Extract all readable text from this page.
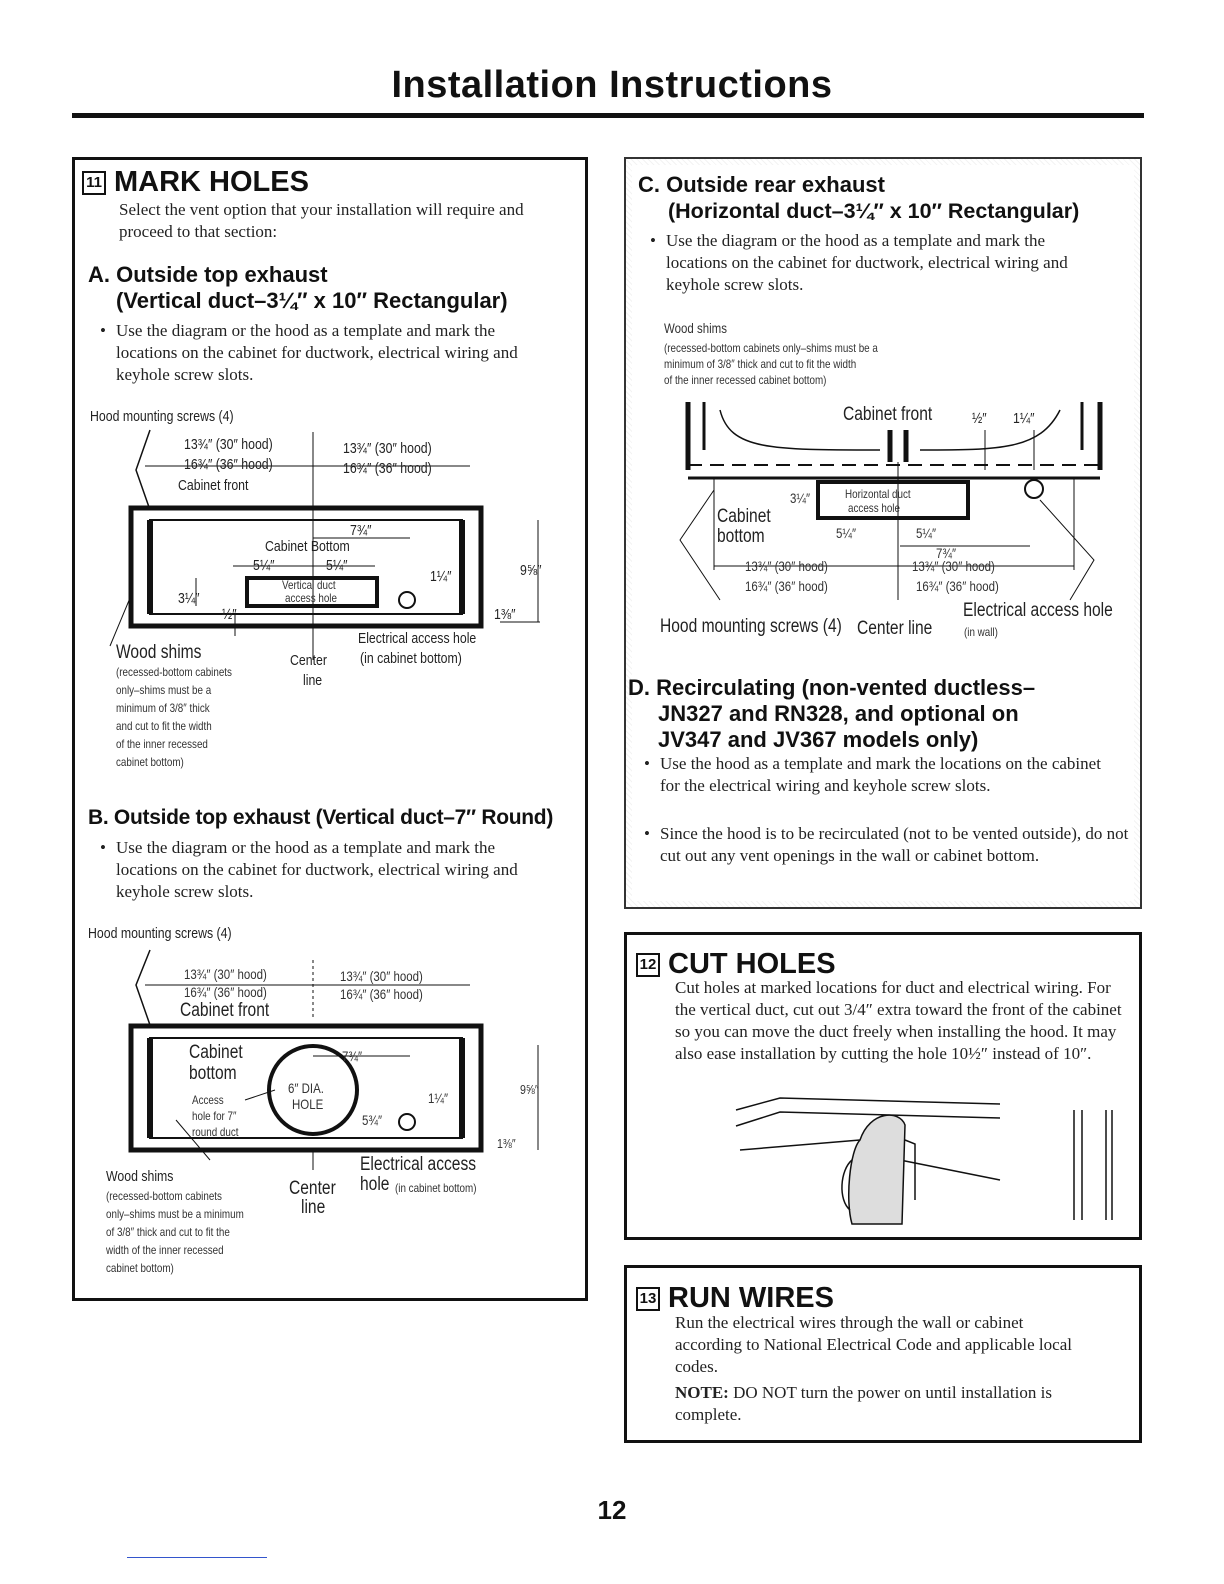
Installation Instructions
11 MARK HOLES
Select the vent option that your installation will require and proceed to that section:
A. Outside top exhaust
(Vertical duct–3¼″ x 10″ Rectangular)
• Use the diagram or the hood as a template and mark the locations on the cabinet for ductwork, electrical wiring and keyhole screw slots.
Hood mounting screws (4)
13¾″ (30″ hood)
16¾″ (36″ hood)
13¾″ (30″ hood)
16¾″ (36″ hood)
Cabinet front
7¾″
Cabinet Bottom
5¼″	5¼″
Vertical duct
access hole
3¼″
½″
1¼″	9⅝″
1⅜″
Wood shims
(recessed-bottom cabinets
only–shims must be a
minimum of 3/8″ thick
and cut to fit the width
of the inner recessed
cabinet bottom)
Center
line
Electrical access hole
(in cabinet bottom)
B. Outside top exhaust (Vertical duct–7″ Round)
• Use the diagram or the hood as a template and mark the locations on the cabinet for ductwork, electrical wiring and keyhole screw slots.
Hood mounting screws (4)
13¾″ (30″ hood)
16¾″ (36″ hood)
13¾″ (30″ hood)
16¾″ (36″ hood)
Cabinet front
Cabinet
bottom
7¾″
6″ DIA.
HOLE
Access
hole for 7″
round duct
1¼″
5¾″
9⅝″
1⅜″
Wood shims
(recessed-bottom cabinets
only–shims must be a minimum
of 3/8″ thick and cut to fit the
width of the inner recessed
cabinet bottom)
Center
line
Electrical access
hole (in cabinet bottom)
C. Outside rear exhaust
(Horizontal duct–3¼″ x 10″ Rectangular)
• Use the diagram or the hood as a template and mark the locations on the cabinet for ductwork, electrical wiring and keyhole screw slots.
Wood shims
(recessed-bottom cabinets only–shims must be a
minimum of 3/8″ thick and cut to fit the width
of the inner recessed cabinet bottom)
Cabinet front	½″ 1¼″
3¼″	Horizontal duct
access hole
Cabinet
bottom	5¼″	5¼″
7¾″
13¾″ (30″ hood)
16¾″ (36″ hood)
13¾″ (30″ hood)
16¾″ (36″ hood)
Hood mounting screws (4) Center line
Electrical access hole
(in wall)
D. Recirculating (non-vented ductless–
JN327 and RN328, and optional on
JV347 and JV367 models only)
• Use the hood as a template and mark the locations on the cabinet for the electrical wiring and keyhole screw slots.
• Since the hood is to be recirculated (not to be vented outside), do not cut out any vent openings in the wall or cabinet bottom.
12 CUT HOLES
Cut holes at marked locations for duct and electrical wiring. For the vertical duct, cut out 3/4″ extra toward the front of the cabinet so you can move the duct freely when installing the hood. It may also ease installation by cutting the hole 10½″ instead of 10″.
13 RUN WIRES
Run the electrical wires through the wall or cabinet according to National Electrical Code and applicable local codes.
NOTE: DO NOT turn the power on until installation is complete.
12
